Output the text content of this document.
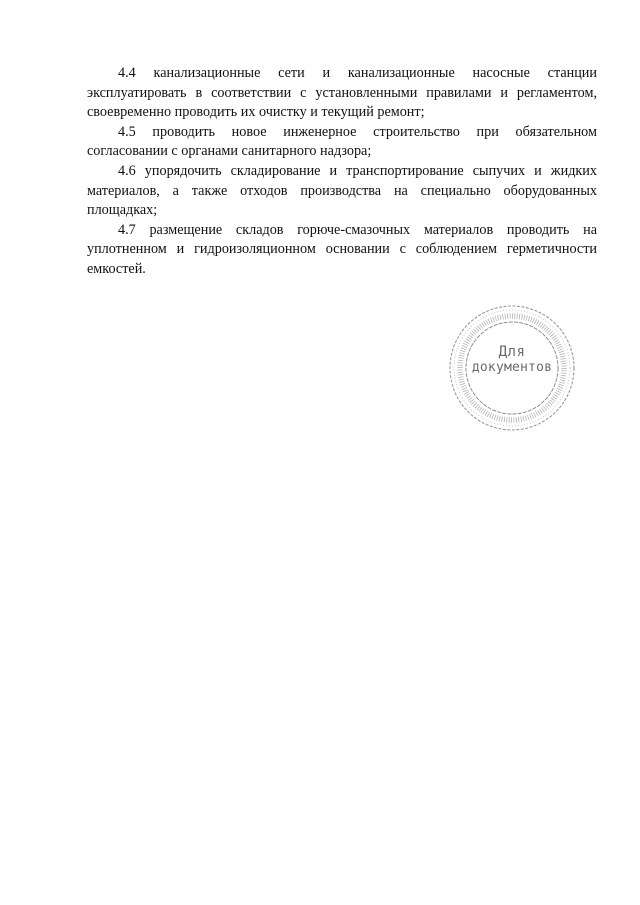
4.4 канализационные сети и канализационные насосные станции эксплуатировать в соответствии с установленными правилами и регламентом, своевременно проводить их очистку и текущий ремонт;

4.5 проводить новое инженерное строительство при обязательном согласовании с органами санитарного надзора;

4.6 упорядочить складирование и транспортирование сыпучих и жидких материалов, а также отходов производства на специально оборудованных площадках;

4.7 размещение складов горюче-смазочных материалов проводить на уплотненном и гидроизоляционном основании с соблюдением герметичности емкостей.

Для
документов
